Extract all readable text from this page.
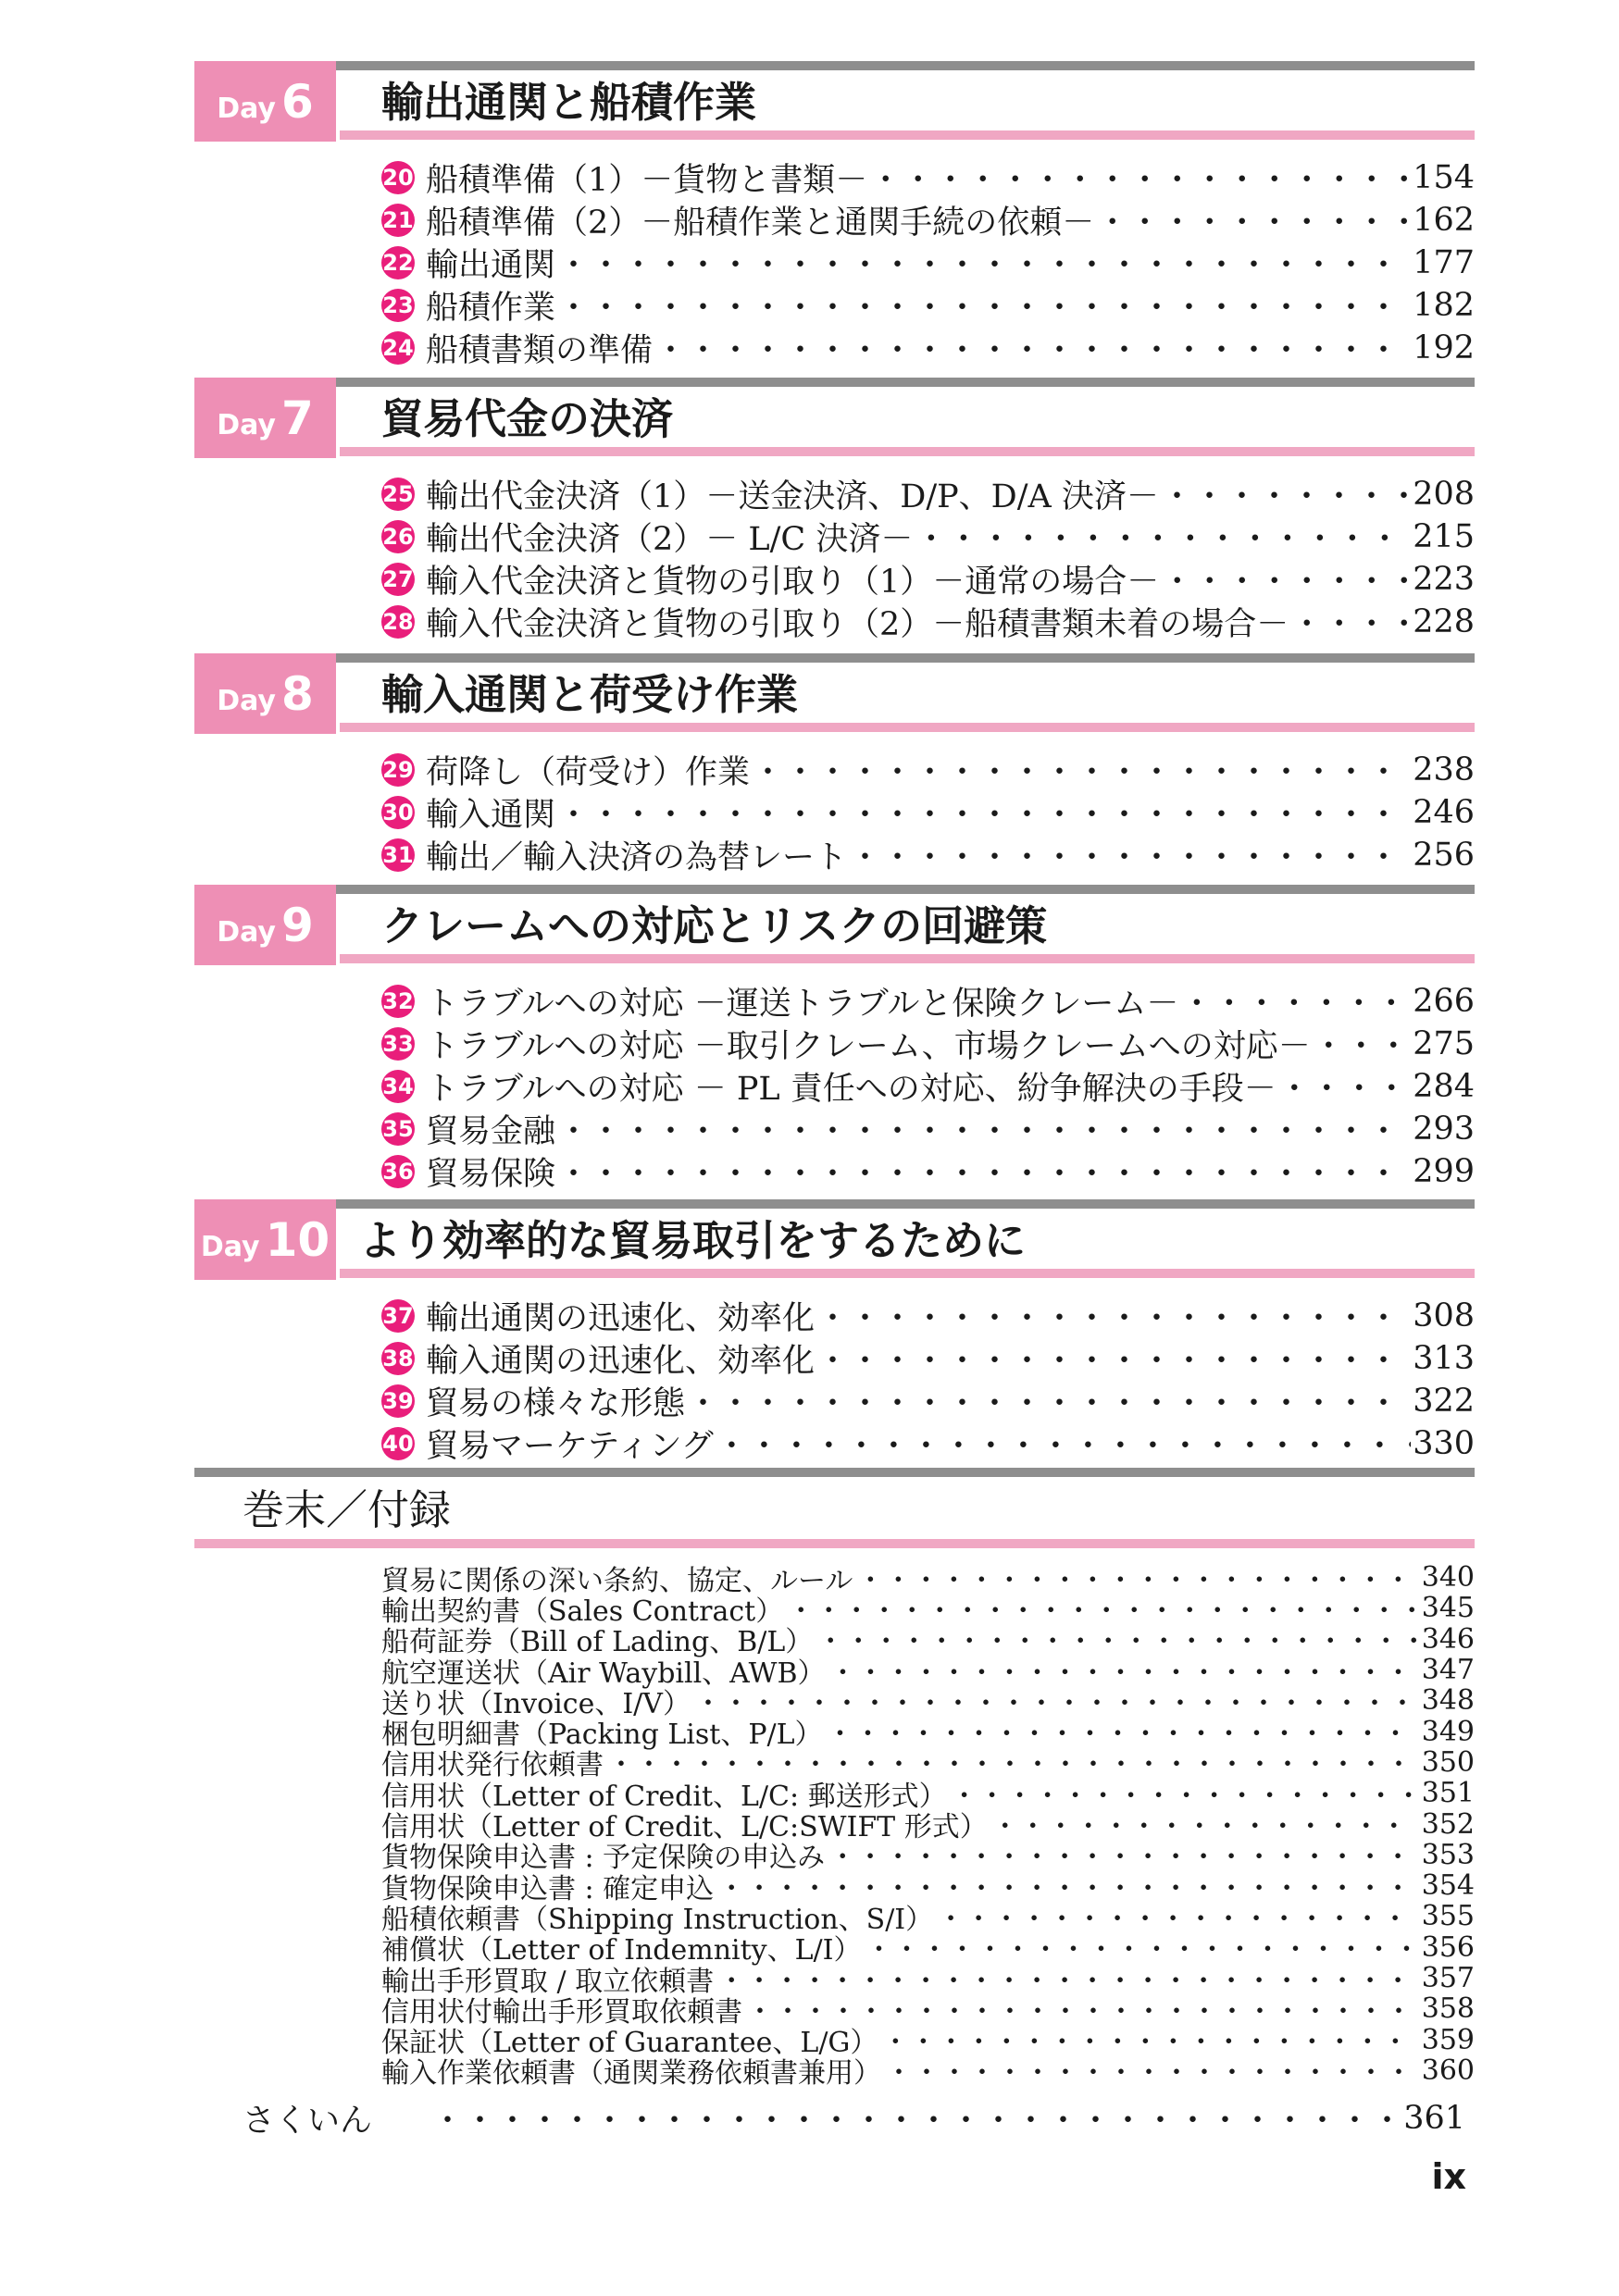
Day 6 輸出通関と船積作業
20 船積準備（1）－貨物と書類－ ・・・・・・・・・・・・・・・・・・・・・・・・・・・・・・・・・・・・・・・・・・・・・・・・・・・・・・・・・・・・・・・・・・・・・・・・・・・・	154
21 船積準備（2）－船積作業と通関手続の依頼－ ・・・・・・・・・・・・・・・・・・・・・・・・・・・・・・・・・・・・・・・・・・・・・・・・・・・・・・・・・・・・・・・・・・・・・・・・・・・・	162
22 輸出通関 ・・・・・・・・・・・・・・・・・・・・・・・・・・・・・・・・・・・・・・・・・・・・・・・・・・・・・・・・・・・・・・・・・・・・・・・・・・・・	177
23 船積作業 ・・・・・・・・・・・・・・・・・・・・・・・・・・・・・・・・・・・・・・・・・・・・・・・・・・・・・・・・・・・・・・・・・・・・・・・・・・・・	182
24 船積書類の準備 ・・・・・・・・・・・・・・・・・・・・・・・・・・・・・・・・・・・・・・・・・・・・・・・・・・・・・・・・・・・・・・・・・・・・・・・・・・・・	192
Day 7 貿易代金の決済
25 輸出代金決済（1）－送金決済、D/P、D/A 決済－ ・・・・・・・・・・・・・・・・・・・・・・・・・・・・・・・・・・・・・・・・・・・・・・・・・・・・・・・・・・・・・・・・・・・・・・・・・・・・	208
26 輸出代金決済（2）－ L/C 決済－ ・・・・・・・・・・・・・・・・・・・・・・・・・・・・・・・・・・・・・・・・・・・・・・・・・・・・・・・・・・・・・・・・・・・・・・・・・・・・	215
27 輸入代金決済と貨物の引取り（1）－通常の場合－ ・・・・・・・・・・・・・・・・・・・・・・・・・・・・・・・・・・・・・・・・・・・・・・・・・・・・・・・・・・・・・・・・・・・・・・・・・・・・	223
28 輸入代金決済と貨物の引取り（2）－船積書類未着の場合－ ・・・・・・・・・・・・・・・・・・・・・・・・・・・・・・・・・・・・・・・・・・・・・・・・・・・・・・・・・・・・・・・・・・・・・・・・・・・・	228
Day 8 輸入通関と荷受け作業
29 荷降し（荷受け）作業 ・・・・・・・・・・・・・・・・・・・・・・・・・・・・・・・・・・・・・・・・・・・・・・・・・・・・・・・・・・・・・・・・・・・・・・・・・・・・	238
30 輸入通関 ・・・・・・・・・・・・・・・・・・・・・・・・・・・・・・・・・・・・・・・・・・・・・・・・・・・・・・・・・・・・・・・・・・・・・・・・・・・・	246
31 輸出／輸入決済の為替レート ・・・・・・・・・・・・・・・・・・・・・・・・・・・・・・・・・・・・・・・・・・・・・・・・・・・・・・・・・・・・・・・・・・・・・・・・・・・・	256
Day 9 クレームへの対応とリスクの回避策
32 トラブルへの対応 －運送トラブルと保険クレーム－ ・・・・・・・・・・・・・・・・・・・・・・・・・・・・・・・・・・・・・・・・・・・・・・・・・・・・・・・・・・・・・・・・・・・・・・・・・・・・	266
33 トラブルへの対応 －取引クレーム、市場クレームへの対応－ ・・・・・・・・・・・・・・・・・・・・・・・・・・・・・・・・・・・・・・・・・・・・・・・・・・・・・・・・・・・・・・・・・・・・・・・・・・・・	275
34 トラブルへの対応 － PL 責任への対応、紛争解決の手段－ ・・・・・・・・・・・・・・・・・・・・・・・・・・・・・・・・・・・・・・・・・・・・・・・・・・・・・・・・・・・・・・・・・・・・・・・・・・・・	284
35 貿易金融 ・・・・・・・・・・・・・・・・・・・・・・・・・・・・・・・・・・・・・・・・・・・・・・・・・・・・・・・・・・・・・・・・・・・・・・・・・・・・	293
36 貿易保険 ・・・・・・・・・・・・・・・・・・・・・・・・・・・・・・・・・・・・・・・・・・・・・・・・・・・・・・・・・・・・・・・・・・・・・・・・・・・・	299
Day 10 より効率的な貿易取引をするために
37 輸出通関の迅速化、効率化 ・・・・・・・・・・・・・・・・・・・・・・・・・・・・・・・・・・・・・・・・・・・・・・・・・・・・・・・・・・・・・・・・・・・・・・・・・・・・	308
38 輸入通関の迅速化、効率化 ・・・・・・・・・・・・・・・・・・・・・・・・・・・・・・・・・・・・・・・・・・・・・・・・・・・・・・・・・・・・・・・・・・・・・・・・・・・・	313
39 貿易の様々な形態 ・・・・・・・・・・・・・・・・・・・・・・・・・・・・・・・・・・・・・・・・・・・・・・・・・・・・・・・・・・・・・・・・・・・・・・・・・・・・	322
40 貿易マーケティング ・・・・・・・・・・・・・・・・・・・・・・・・・・・・・・・・・・・・・・・・・・・・・・・・・・・・・・・・・・・・・・・・・・・・・・・・・・・・	330
巻末／付録
貿易に関係の深い条約、協定、ルール ・・・・・・・・・・・・・・・・・・・・・・・・・・・・・・・・・・・・・・・・・・・・・・・・・・・・・・・・・・・・・・・・・・・・・・・・・・・・・・・・・・・	340
輸出契約書（Sales Contract） ・・・・・・・・・・・・・・・・・・・・・・・・・・・・・・・・・・・・・・・・・・・・・・・・・・・・・・・・・・・・・・・・・・・・・・・・・・・・・・・・・・・	345
船荷証券（Bill of Lading、B/L） ・・・・・・・・・・・・・・・・・・・・・・・・・・・・・・・・・・・・・・・・・・・・・・・・・・・・・・・・・・・・・・・・・・・・・・・・・・・・・・・・・・・	346
航空運送状（Air Waybill、AWB） ・・・・・・・・・・・・・・・・・・・・・・・・・・・・・・・・・・・・・・・・・・・・・・・・・・・・・・・・・・・・・・・・・・・・・・・・・・・・・・・・・・・	347
送り状（Invoice、I/V） ・・・・・・・・・・・・・・・・・・・・・・・・・・・・・・・・・・・・・・・・・・・・・・・・・・・・・・・・・・・・・・・・・・・・・・・・・・・・・・・・・・・	348
梱包明細書（Packing List、P/L） ・・・・・・・・・・・・・・・・・・・・・・・・・・・・・・・・・・・・・・・・・・・・・・・・・・・・・・・・・・・・・・・・・・・・・・・・・・・・・・・・・・・	349
信用状発行依頼書 ・・・・・・・・・・・・・・・・・・・・・・・・・・・・・・・・・・・・・・・・・・・・・・・・・・・・・・・・・・・・・・・・・・・・・・・・・・・・・・・・・・・	350
信用状（Letter of Credit、L/C: 郵送形式） ・・・・・・・・・・・・・・・・・・・・・・・・・・・・・・・・・・・・・・・・・・・・・・・・・・・・・・・・・・・・・・・・・・・・・・・・・・・・・・・・・・・	351
信用状（Letter of Credit、L/C:SWIFT 形式） ・・・・・・・・・・・・・・・・・・・・・・・・・・・・・・・・・・・・・・・・・・・・・・・・・・・・・・・・・・・・・・・・・・・・・・・・・・・・・・・・・・・	352
貨物保険申込書 : 予定保険の申込み ・・・・・・・・・・・・・・・・・・・・・・・・・・・・・・・・・・・・・・・・・・・・・・・・・・・・・・・・・・・・・・・・・・・・・・・・・・・・・・・・・・・	353
貨物保険申込書 : 確定申込 ・・・・・・・・・・・・・・・・・・・・・・・・・・・・・・・・・・・・・・・・・・・・・・・・・・・・・・・・・・・・・・・・・・・・・・・・・・・・・・・・・・・	354
船積依頼書（Shipping Instruction、S/I） ・・・・・・・・・・・・・・・・・・・・・・・・・・・・・・・・・・・・・・・・・・・・・・・・・・・・・・・・・・・・・・・・・・・・・・・・・・・・・・・・・・・	355
補償状（Letter of Indemnity、L/I） ・・・・・・・・・・・・・・・・・・・・・・・・・・・・・・・・・・・・・・・・・・・・・・・・・・・・・・・・・・・・・・・・・・・・・・・・・・・・・・・・・・・	356
輸出手形買取 / 取立依頼書 ・・・・・・・・・・・・・・・・・・・・・・・・・・・・・・・・・・・・・・・・・・・・・・・・・・・・・・・・・・・・・・・・・・・・・・・・・・・・・・・・・・・	357
信用状付輸出手形買取依頼書 ・・・・・・・・・・・・・・・・・・・・・・・・・・・・・・・・・・・・・・・・・・・・・・・・・・・・・・・・・・・・・・・・・・・・・・・・・・・・・・・・・・・	358
保証状（Letter of Guarantee、L/G） ・・・・・・・・・・・・・・・・・・・・・・・・・・・・・・・・・・・・・・・・・・・・・・・・・・・・・・・・・・・・・・・・・・・・・・・・・・・・・・・・・・・	359
輸入作業依頼書（通関業務依頼書兼用） ・・・・・・・・・・・・・・・・・・・・・・・・・・・・・・・・・・・・・・・・・・・・・・・・・・・・・・・・・・・・・・・・・・・・・・・・・・・・・・・・・・・	360
さくいん ・・・・・・・・・・・・・・・・・・・・・・・・・・・・・・・・・・・・・・・・・・・・・・・・・・・・・・・・・・・・・・・・・・・	361
ix
